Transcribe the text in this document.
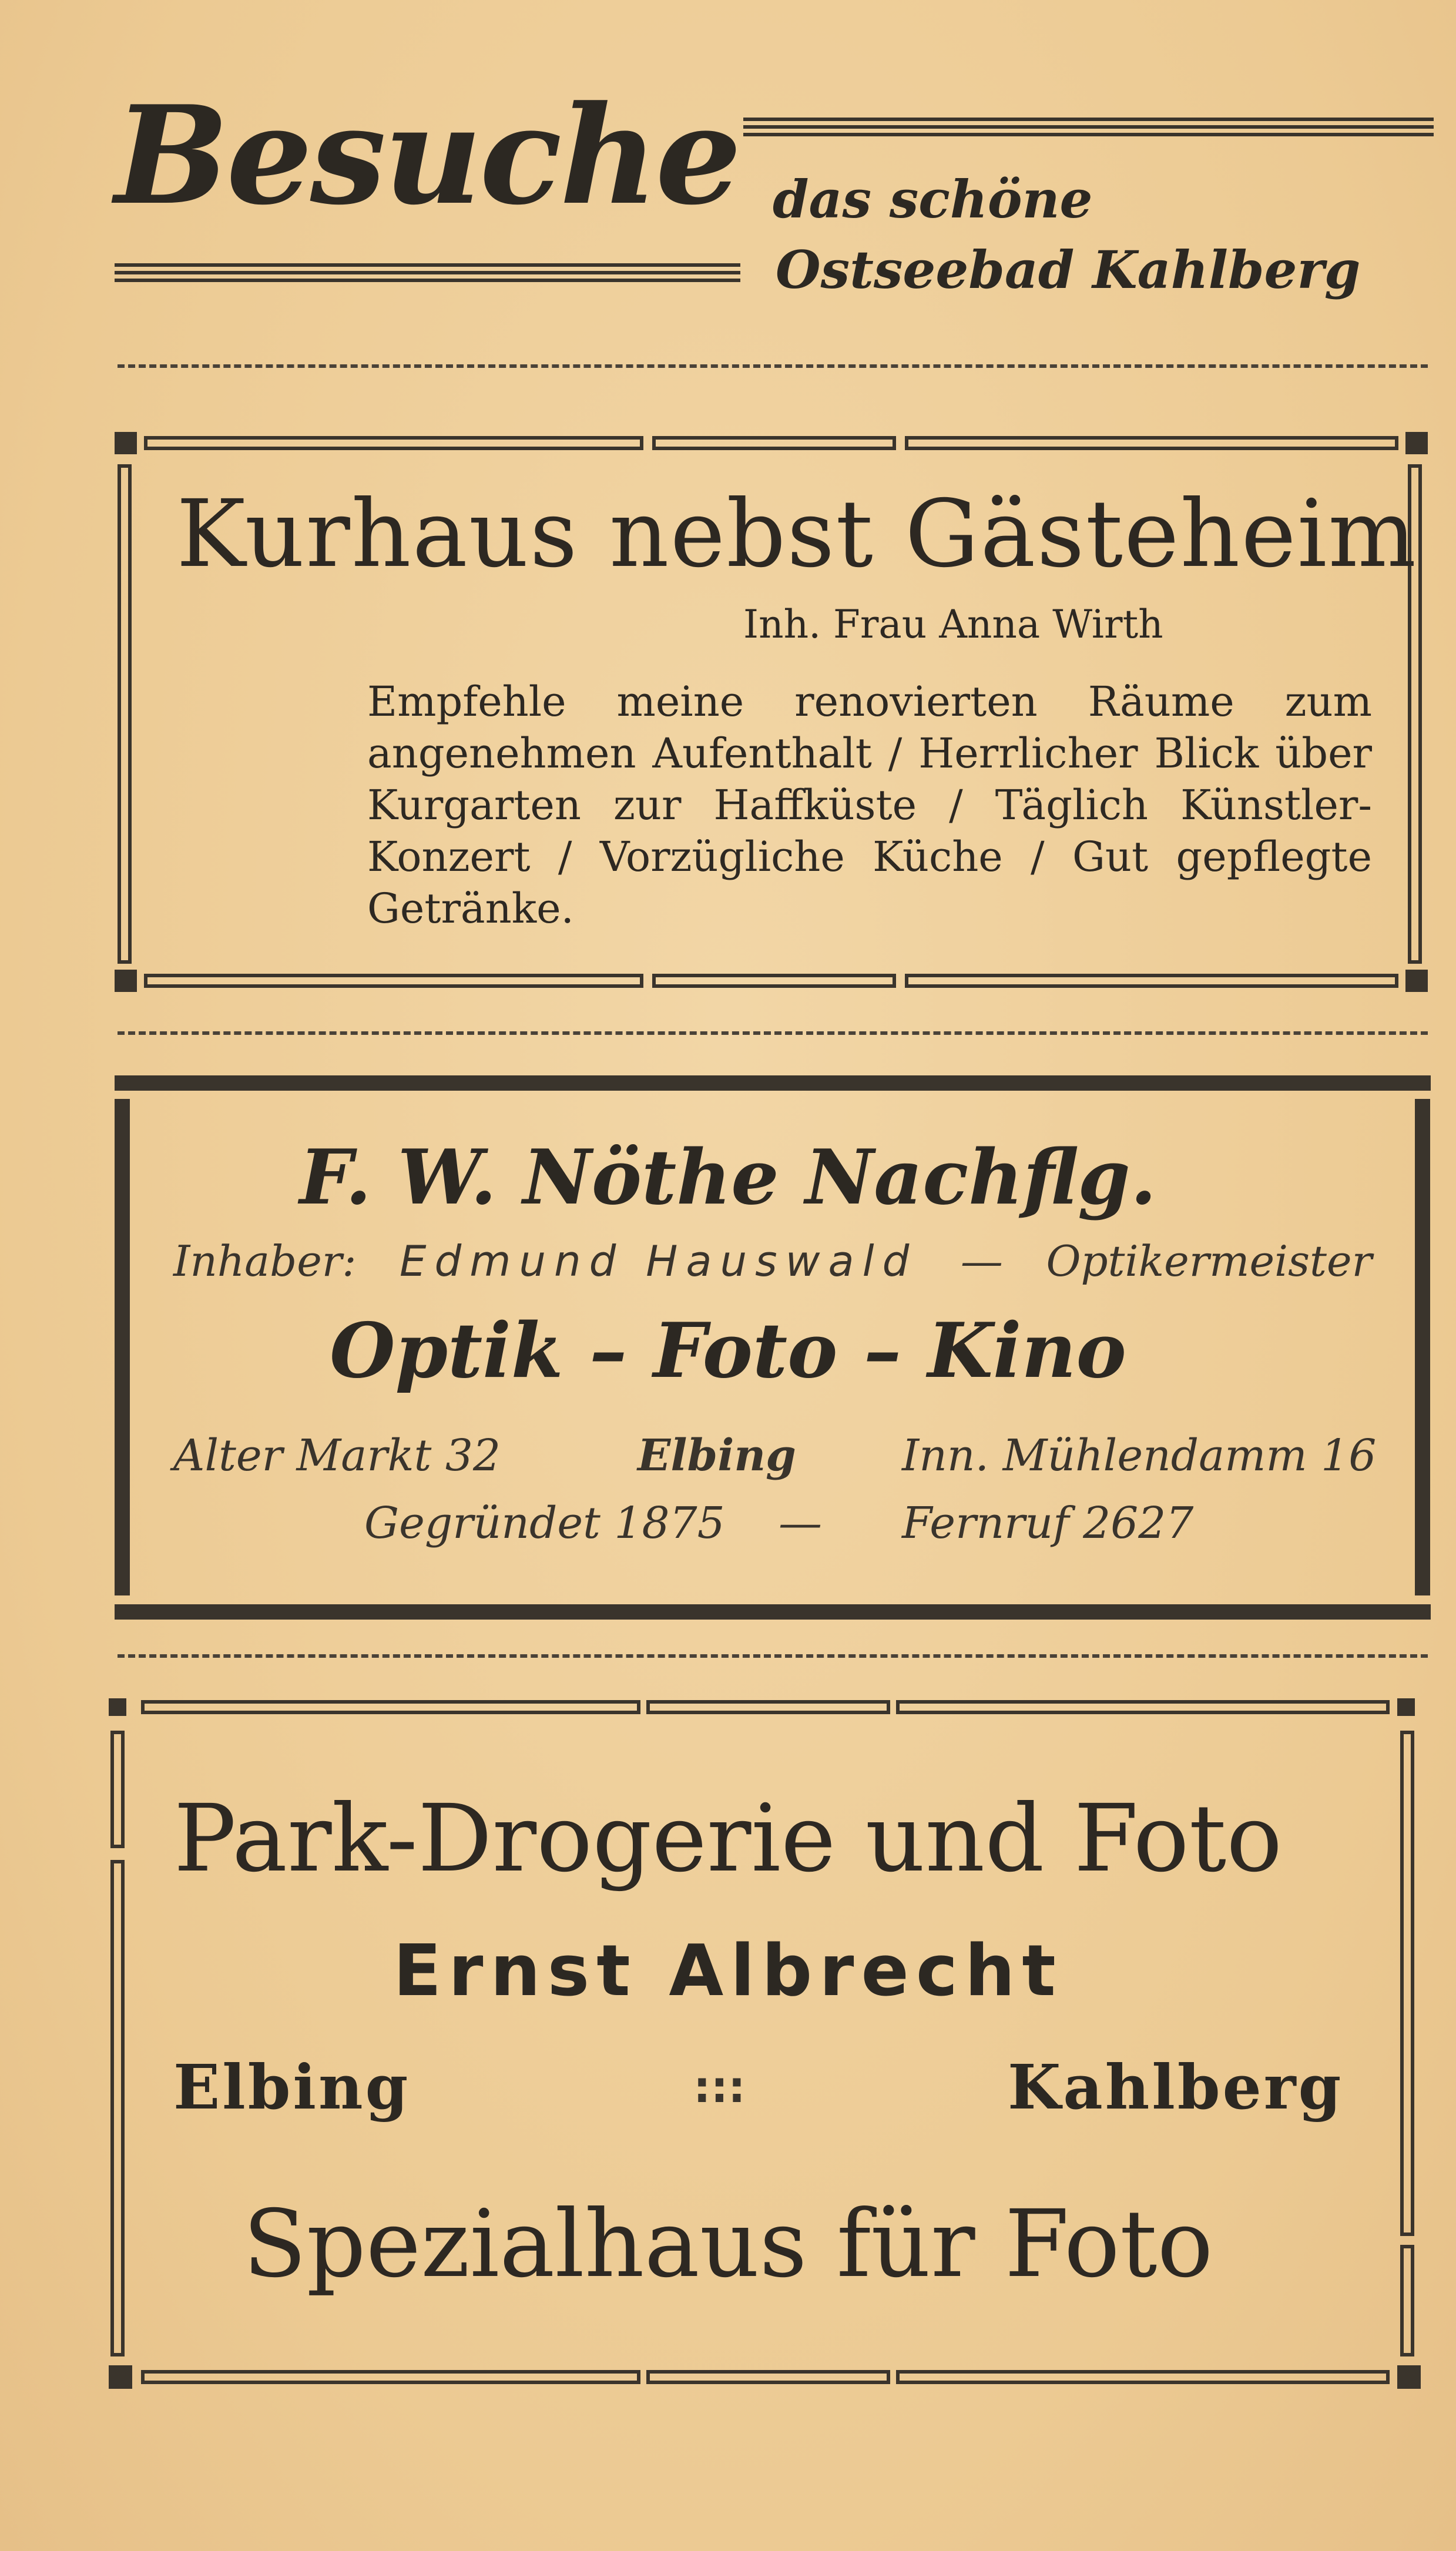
Besuche das schöne
Ostseebad Kahlberg
Kurhaus nebst Gästeheim
Inh. Frau Anna Wirth
Empfehle meine renovierten Räume zum angenehmen Aufenthalt / Herrlicher Blick über Kurgarten zur Haffküste / Täglich Künstler-Konzert / Vorzügliche Küche / Gut gepflegte Getränke.
F. W. Nöthe Nachflg.
Inhaber: Edmund Hauswald — Optikermeister
Optik – Foto – Kino
Alter Markt 32	Elbing Inn. Mühlendamm 16
Gegründet 1875 — Fernruf 2627
Park-Drogerie und Foto
Ernst Albrecht
Elbing	:::	Kahlberg
Spezialhaus für Foto
